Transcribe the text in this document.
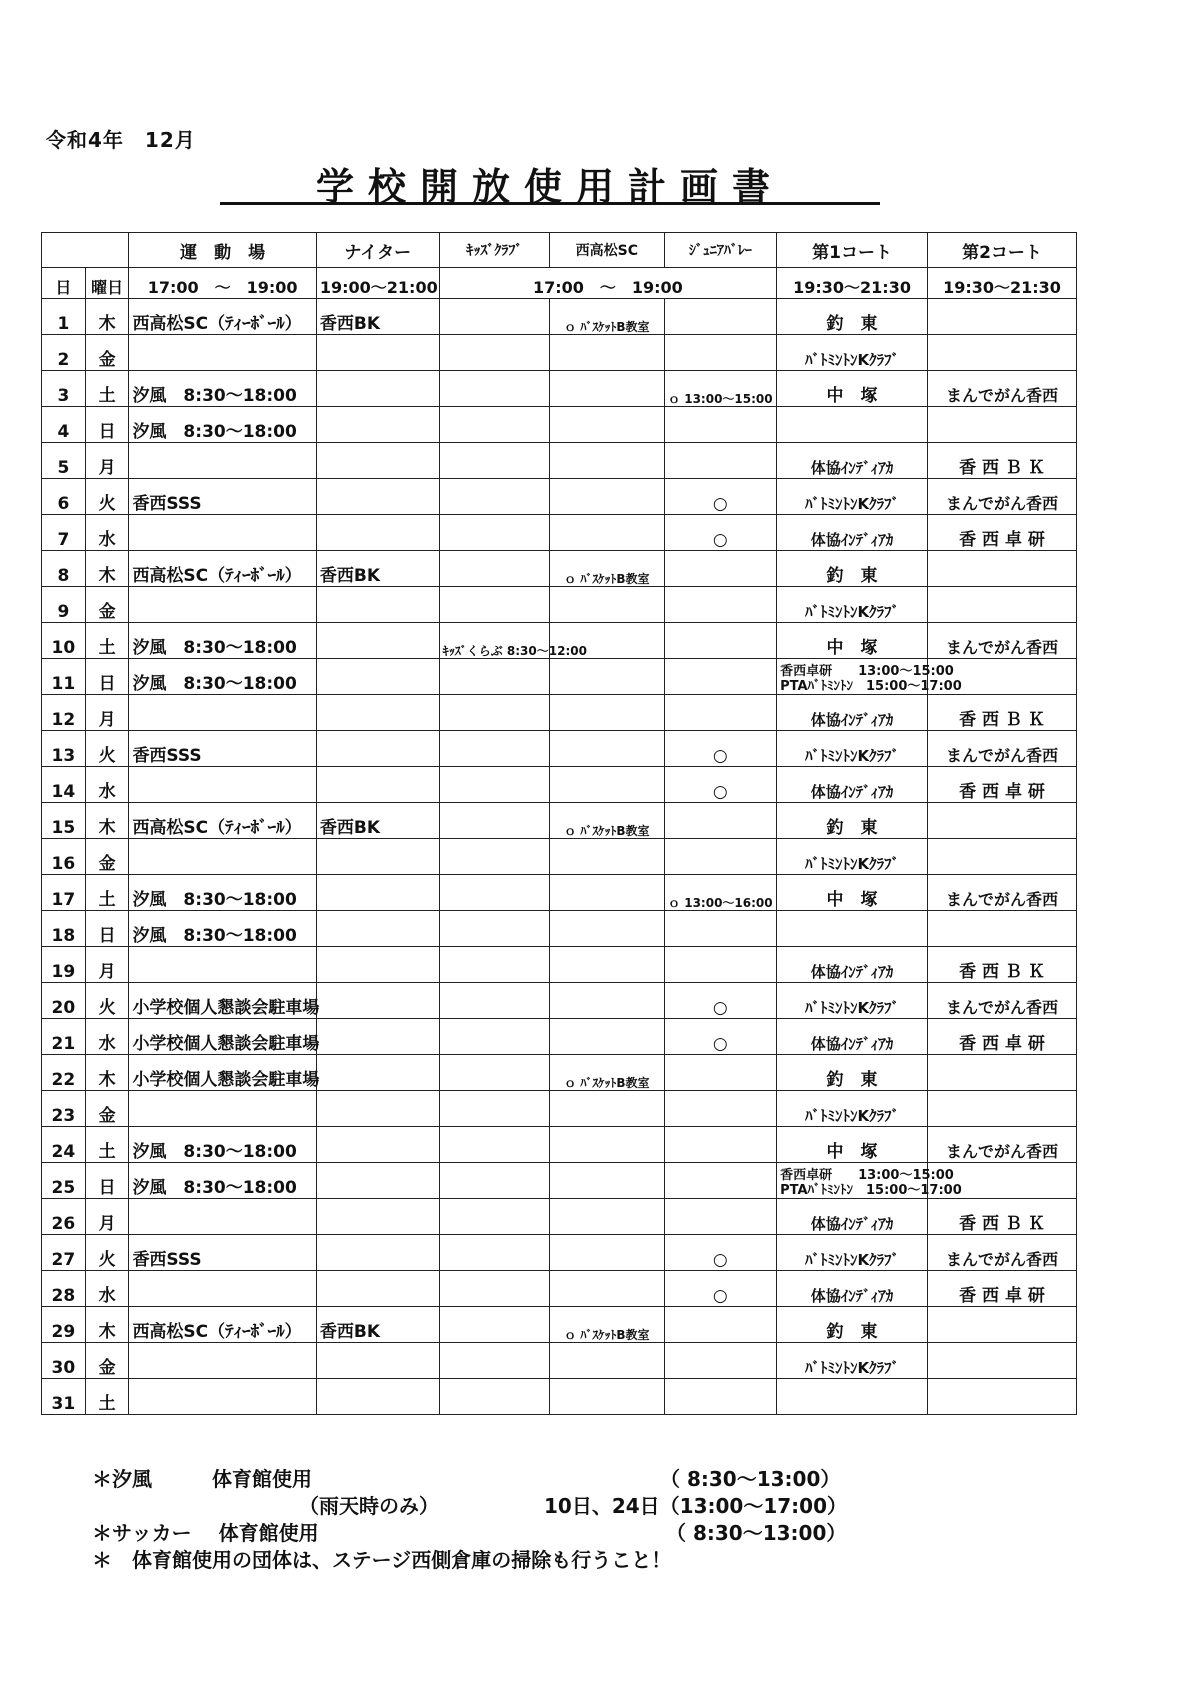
令和4年　12月
学校開放使用計画書
		運　動　場	ナイター	ｷｯｽﾞｸﾗﾌﾞ	西高松SC	ｼﾞｭﾆｱﾊﾞﾚｰ	第1コート	第2コート
日	曜日	17:00　～　19:00	19:00～21:00	17:00　～　19:00			19:30～21:30	19:30～21:30
1	木	西高松SC（ﾃｨｰﾎﾞｰﾙ）	香西BK		ｏ ﾊﾞｽｹｯﾄB教室		釣　東	
2	金						ﾊﾞﾄﾐﾝﾄﾝKｸﾗﾌﾞ	
3	土	汐風　8:30～18:00				ｏ 13:00～15:00	中　塚	まんでがん香西
4	日	汐風　8:30～18:00						
5	月						体協ｲﾝﾃﾞｨｱｶ	香 西 Ｂ Ｋ
6	火	香西SSS				○	ﾊﾞﾄﾐﾝﾄﾝKｸﾗﾌﾞ	まんでがん香西
7	水					○	体協ｲﾝﾃﾞｨｱｶ	香 西 卓 研
8	木	西高松SC（ﾃｨｰﾎﾞｰﾙ）	香西BK		ｏ ﾊﾞｽｹｯﾄB教室		釣　東	
9	金						ﾊﾞﾄﾐﾝﾄﾝKｸﾗﾌﾞ	
10	土	汐風　8:30～18:00		ｷｯｽﾞくらぶ 8:30～12:00			中　塚	まんでがん香西
11	日	汐風　8:30～18:00					香西卓研　　13:00～15:00
PTAﾊﾞﾄﾐﾝﾄﾝ　15:00～17:00	

12	月						体協ｲﾝﾃﾞｨｱｶ	香 西 Ｂ Ｋ
13	火	香西SSS				○	ﾊﾞﾄﾐﾝﾄﾝKｸﾗﾌﾞ	まんでがん香西
14	水					○	体協ｲﾝﾃﾞｨｱｶ	香 西 卓 研
15	木	西高松SC（ﾃｨｰﾎﾞｰﾙ）	香西BK		ｏ ﾊﾞｽｹｯﾄB教室		釣　東	
16	金						ﾊﾞﾄﾐﾝﾄﾝKｸﾗﾌﾞ	
17	土	汐風　8:30～18:00				ｏ 13:00～16:00	中　塚	まんでがん香西
18	日	汐風　8:30～18:00						
19	月						体協ｲﾝﾃﾞｨｱｶ	香 西 Ｂ Ｋ
20	火	小学校個人懇談会駐車場				○	ﾊﾞﾄﾐﾝﾄﾝKｸﾗﾌﾞ	まんでがん香西
21	水	小学校個人懇談会駐車場				○	体協ｲﾝﾃﾞｨｱｶ	香 西 卓 研
22	木	小学校個人懇談会駐車場			ｏ ﾊﾞｽｹｯﾄB教室		釣　東	
23	金						ﾊﾞﾄﾐﾝﾄﾝKｸﾗﾌﾞ	
24	土	汐風　8:30～18:00					中　塚	まんでがん香西
25	日	汐風　8:30～18:00					香西卓研　　13:00～15:00
PTAﾊﾞﾄﾐﾝﾄﾝ　15:00～17:00	

26	月						体協ｲﾝﾃﾞｨｱｶ	香 西 Ｂ Ｋ
27	火	香西SSS				○	ﾊﾞﾄﾐﾝﾄﾝKｸﾗﾌﾞ	まんでがん香西
28	水					○	体協ｲﾝﾃﾞｨｱｶ	香 西 卓 研
29	木	西高松SC（ﾃｨｰﾎﾞｰﾙ）	香西BK		ｏ ﾊﾞｽｹｯﾄB教室		釣　東	
30	金						ﾊﾞﾄﾐﾝﾄﾝKｸﾗﾌﾞ	
31	土							
＊汐風　　　体育館使用	（ 8:30～13:00）
（雨天時のみ）	10日、24日（13:00～17:00）
＊サッカー　 体育館使用	（ 8:30～13:00）
＊　体育館使用の団体は、ステージ西側倉庫の掃除も行うこと！
